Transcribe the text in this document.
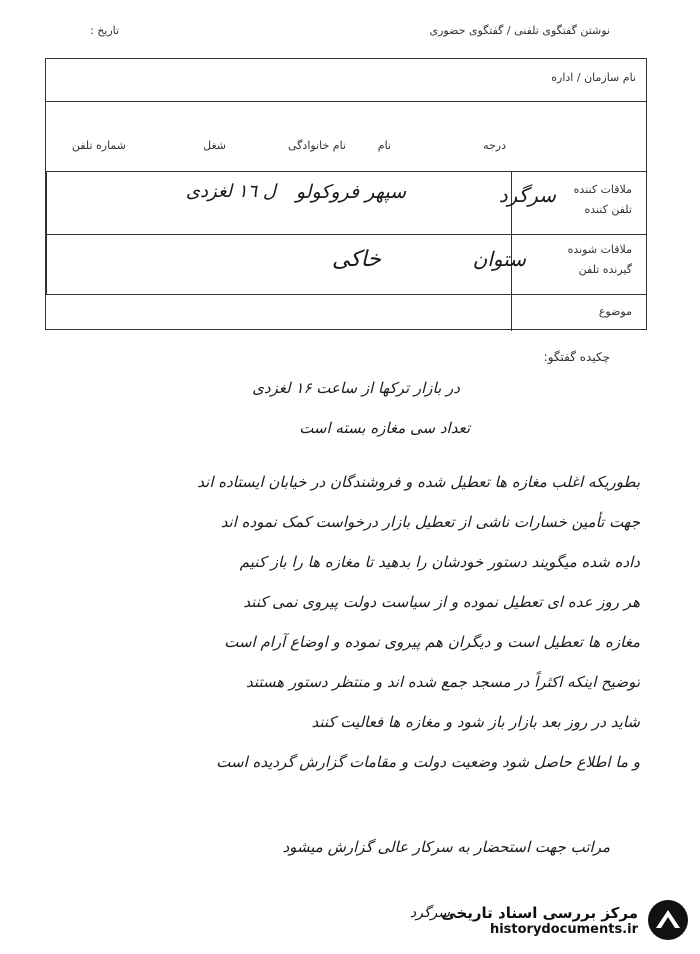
نوشتن گفتگوی تلفنی / گفتگوی حضوری
تاریخ :
نام سازمان / اداره
درجه
نام
نام خانوادگی
شغل
شماره تلفن
ملاقات کننده
تلفن کننده
سرگرد
سپهر فروکولو
ل ١٦ لغزدی
ملاقات شونده
گیرنده تلفن
ستوان
خاکی
موضوع
چکیده گفتگو:
در بازار ترکها از ساعت ۱۶ لغزدی
تعداد سی مغازه بسته است
بطوریکه اغلب مغازه ها تعطیل شده و فروشندگان در خیابان ایستاده اند
جهت تأمین خسارات ناشی از تعطیل بازار درخواست کمک نموده اند
داده شده میگویند دستور خودشان را بدهید تا مغازه ها را باز کنیم
هر روز عده ای تعطیل نموده و از سیاست دولت پیروی نمی کنند
مغازه ها تعطیل است و دیگران هم پیروی نموده و اوضاع آرام است
توضیح اینکه اکثراً در مسجد جمع شده اند و منتظر دستور هستند
شاید در روز بعد بازار باز شود و مغازه ها فعالیت کنند
و ما اطلاع حاصل شود وضعیت دولت و مقامات گزارش گردیده است
مراتب جهت استحضار به سرکار عالی گزارش میشود
سرگرد
مرکز بررسی اسناد تاریخی
historydocuments.ir
